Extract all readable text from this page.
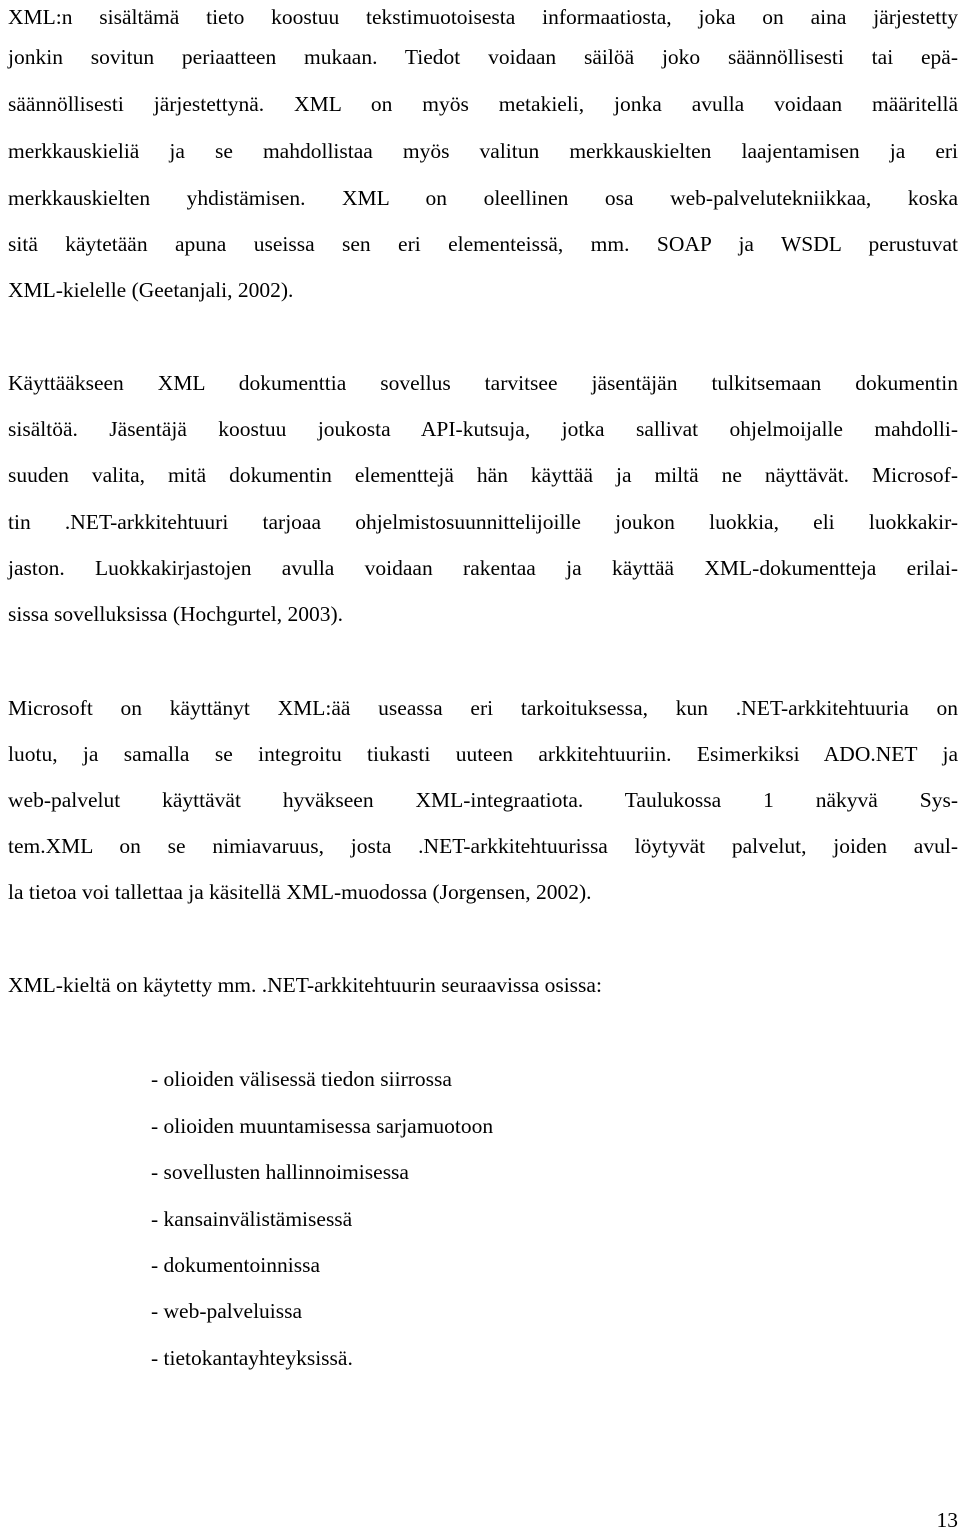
XML:n sisältämä tieto koostuu tekstimuotoisesta informaatiosta, joka on aina järjestetty
jonkin sovitun periaatteen mukaan. Tiedot voidaan säilöä joko säännöllisesti tai epä-
säännöllisesti järjestettynä. XML on myös metakieli, jonka avulla voidaan määritellä
merkkauskieliä ja se mahdollistaa myös valitun merkkauskielten laajentamisen ja eri
merkkauskielten yhdistämisen. XML on oleellinen osa web-palvelutekniikkaa, koska
sitä käytetään apuna useissa sen eri elementeissä, mm. SOAP ja WSDL perustuvat
XML-kielelle (Geetanjali, 2002).
Käyttääkseen XML dokumenttia sovellus tarvitsee jäsentäjän tulkitsemaan dokumentin
sisältöä. Jäsentäjä koostuu joukosta API-kutsuja, jotka sallivat ohjelmoijalle mahdolli-
suuden valita, mitä dokumentin elementtejä hän käyttää ja miltä ne näyttävät. Microsof-
tin .NET-arkkitehtuuri tarjoaa ohjelmistosuunnittelijoille joukon luokkia, eli luokkakir-
jaston. Luokkakirjastojen avulla voidaan rakentaa ja käyttää XML-dokumentteja erilai-
sissa sovelluksissa (Hochgurtel, 2003).
Microsoft on käyttänyt XML:ää useassa eri tarkoituksessa, kun .NET-arkkitehtuuria on
luotu, ja samalla se integroitu tiukasti uuteen arkkitehtuuriin. Esimerkiksi ADO.NET ja
web-palvelut käyttävät hyväkseen XML-integraatiota. Taulukossa 1 näkyvä Sys-
tem.XML on se nimiavaruus, josta .NET-arkkitehtuurissa löytyvät palvelut, joiden avul-
la tietoa voi tallettaa ja käsitellä XML-muodossa (Jorgensen, 2002).
XML-kieltä on käytetty mm. .NET-arkkitehtuurin seuraavissa osissa:
- olioiden välisessä tiedon siirrossa
- olioiden muuntamisessa sarjamuotoon
- sovellusten hallinnoimisessa
- kansainvälistämisessä
- dokumentoinnissa
- web-palveluissa
- tietokantayhteyksissä.
13
